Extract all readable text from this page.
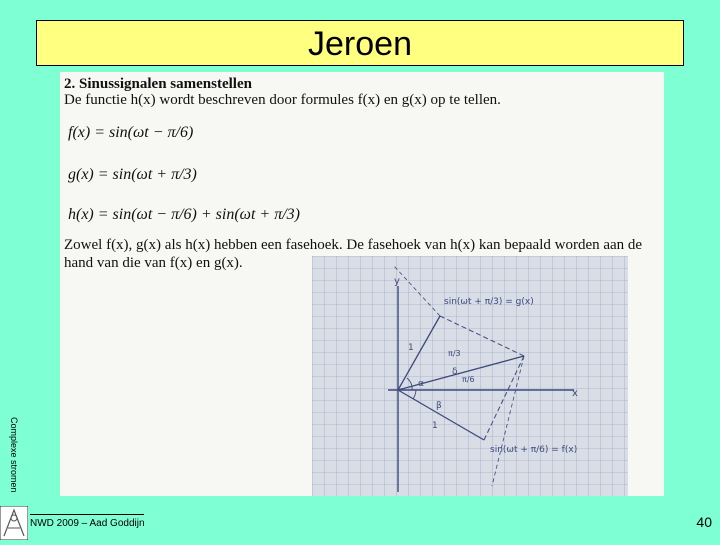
Jeroen
Complexe stromen
2. Sinussignalen samenstellen
De functie h(x) wordt beschreven door formules f(x) en g(x) op te tellen.
f(x) = sin(ωt − π/6)
g(x) = sin(ωt + π/3)
h(x) = sin(ωt − π/6) + sin(ωt + π/3)
Zowel f(x), g(x) als h(x) hebben een fasehoek. De fasehoek van h(x) kan bepaald worden aan de hand van die van f(x) en g(x).
y
x
sin(ωt + π/3) = g(x)
sin(ωt + π/6) = f(x)
1
1
α
β
δ
π/3
π/6
NWD 2009 – Aad Goddijn	40
